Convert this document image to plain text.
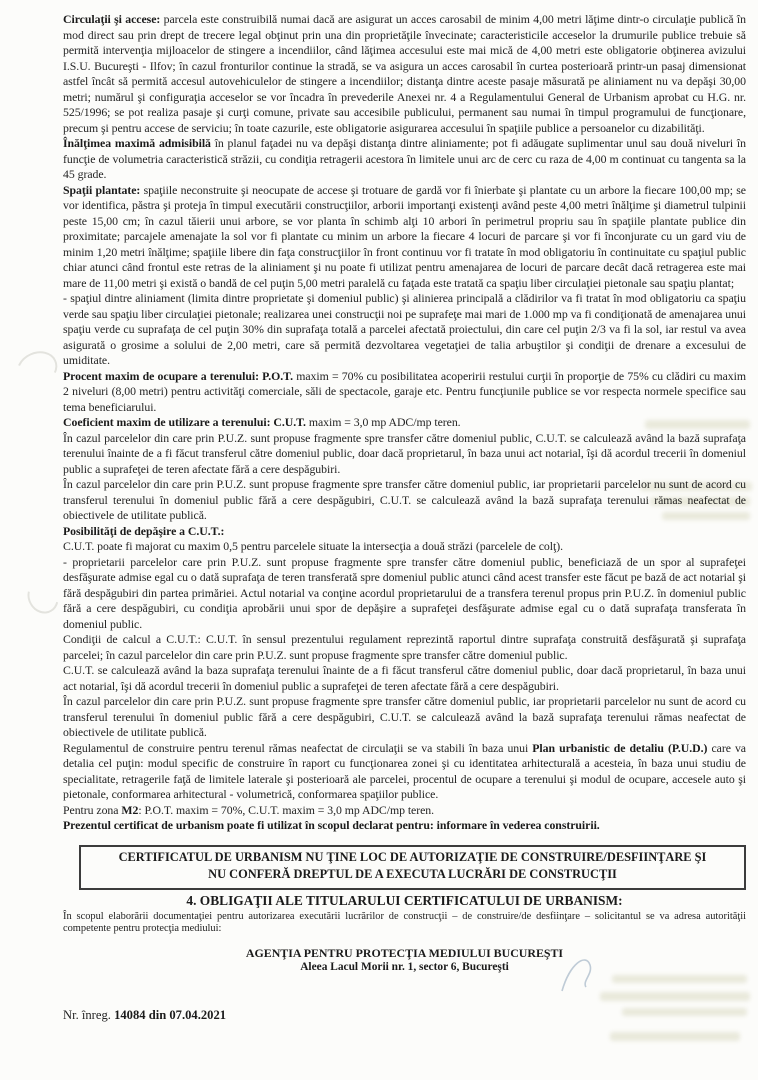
Circulaţii şi accese: parcela este construibilă numai dacă are asigurat un acces carosabil de minim 4,00 metri lăţime dintr-o circulaţie publică în mod direct sau prin drept de trecere legal obţinut prin una din proprietăţile învecinate; caracteristicile acceselor la drumurile publice trebuie să permită intervenţia mijloacelor de stingere a incendiilor, când lăţimea accesului este mai mică de 4,00 metri este obligatorie obţinerea avizului I.S.U. Bucureşti - Ilfov; în cazul fronturilor continue la stradă, se va asigura un acces carosabil în curtea posterioară printr-un pasaj dimensionat astfel încât să permită accesul autovehiculelor de stingere a incendiilor; distanţa dintre aceste pasaje măsurată pe aliniament nu va depăşi 30,00 metri; numărul şi configuraţia acceselor se vor încadra în prevederile Anexei nr. 4 a Regulamentului General de Urbanism aprobat cu H.G. nr. 525/1996; se pot realiza pasaje şi curţi comune, private sau accesibile publicului, permanent sau numai în timpul programului de funcţionare, precum şi pentru accese de serviciu; în toate cazurile, este obligatorie asigurarea accesului în spaţiile publice a persoanelor cu dizabilităţi.

Înălţimea maximă admisibilă în planul faţadei nu va depăşi distanţa dintre aliniamente; pot fi adăugate suplimentar unul sau două niveluri în funcţie de volumetria caracteristică străzii, cu condiţia retragerii acestora în limitele unui arc de cerc cu raza de 4,00 m continuat cu tangenta sa la 45 grade.

Spaţii plantate: spaţiile neconstruite şi neocupate de accese şi trotuare de gardă vor fi înierbate şi plantate cu un arbore la fiecare 100,00 mp; se vor identifica, păstra şi proteja în timpul executării construcţiilor, arborii importanţi existenţi având peste 4,00 metri înălţime şi diametrul tulpinii peste 15,00 cm; în cazul tăierii unui arbore, se vor planta în schimb alţi 10 arbori în perimetrul propriu sau în spaţiile plantate publice din proximitate; parcajele amenajate la sol vor fi plantate cu minim un arbore la fiecare 4 locuri de parcare şi vor fi înconjurate cu un gard viu de minim 1,20 metri înălţime; spaţiile libere din faţa construcţiilor în front continuu vor fi tratate în mod obligatoriu în continuitate cu spaţiul public chiar atunci când frontul este retras de la aliniament şi nu poate fi utilizat pentru amenajarea de locuri de parcare decât dacă retragerea este mai mare de 11,00 metri şi există o bandă de cel puţin 5,00 metri paralelă cu faţada este tratată ca spaţiu liber circulaţiei pietonale sau spaţiu plantat;

- spaţiul dintre aliniament (limita dintre proprietate şi domeniul public) şi alinierea principală a clădirilor va fi tratat în mod obligatoriu ca spaţiu verde sau spaţiu liber circulaţiei pietonale; realizarea unei construcţii noi pe suprafeţe mai mari de 1.000 mp va fi condiţionată de amenajarea unui spaţiu verde cu suprafaţa de cel puţin 30% din suprafaţa totală a parcelei afectată proiectului, din care cel puţin 2/3 va fi la sol, iar restul va avea asigurată o grosime a solului de 2,00 metri, care să permită dezvoltarea vegetaţiei de talia arbuştilor şi condiţii de drenare a excesului de umiditate.

Procent maxim de ocupare a terenului: P.O.T. maxim = 70% cu posibilitatea acoperirii restului curţii în proporţie de 75% cu clădiri cu maxim 2 niveluri (8,00 metri) pentru activităţi comerciale, săli de spectacole, garaje etc. Pentru funcţiunile publice se vor respecta normele specifice sau tema beneficiarului.

Coeficient maxim de utilizare a terenului: C.U.T. maxim = 3,0 mp ADC/mp teren.

În cazul parcelelor din care prin P.U.Z. sunt propuse fragmente spre transfer către domeniul public, C.U.T. se calculează având la bază suprafaţa terenului înainte de a fi făcut transferul către domeniul public, doar dacă proprietarul, în baza unui act notarial, îşi dă acordul trecerii în domeniul public a suprafeţei de teren afectate fără a cere despăgubiri.

În cazul parcelelor din care prin P.U.Z. sunt propuse fragmente spre transfer către domeniul public, iar proprietarii parcelelor nu sunt de acord cu transferul terenului în domeniul public fără a cere despăgubiri, C.U.T. se calculează având la bază suprafaţa terenului rămas neafectat de obiectivele de utilitate publică.

Posibilităţi de depăşire a C.U.T.:

C.U.T. poate fi majorat cu maxim 0,5 pentru parcelele situate la intersecţia a două străzi (parcelele de colţ).

- proprietarii parcelelor care prin P.U.Z. sunt propuse fragmente spre transfer către domeniul public, beneficiază de un spor al suprafeţei desfăşurate admise egal cu o dată suprafaţa de teren transferată spre domeniul public atunci când acest transfer este făcut pe bază de act notarial şi fără despăgubiri din partea primăriei. Actul notarial va conţine acordul proprietarului de a transfera terenul propus prin P.U.Z. în domeniul public fără a cere despăgubiri, cu condiţia aprobării unui spor de depăşire a suprafeţei desfăşurate admise egal cu o dată suprafaţa transferata în domeniul public.

Condiţii de calcul a C.U.T.: C.U.T. în sensul prezentului regulament reprezintă raportul dintre suprafaţa construită desfăşurată şi suprafaţa parcelei; în cazul parcelelor din care prin P.U.Z. sunt propuse fragmente spre transfer către domeniul public.

C.U.T. se calculează având la baza suprafaţa terenului înainte de a fi făcut transferul către domeniul public, doar dacă proprietarul, în baza unui act notarial, îşi dă acordul trecerii în domeniul public a suprafeţei de teren afectate fără a cere despăgubiri.

În cazul parcelelor din care prin P.U.Z. sunt propuse fragmente spre transfer către domeniul public, iar proprietarii parcelelor nu sunt de acord cu transferul terenului în domeniul public fără a cere despăgubiri, C.U.T. se calculează având la bază suprafaţa terenului rămas neafectat de obiectivele de utilitate publică.

Regulamentul de construire pentru terenul rămas neafectat de circulaţii se va stabili în baza unui Plan urbanistic de detaliu (P.U.D.) care va detalia cel puţin: modul specific de construire în raport cu funcţionarea zonei şi cu identitatea arhitecturală a acesteia, în baza unui studiu de specialitate, retragerile faţă de limitele laterale şi posterioară ale parcelei, procentul de ocupare a terenului şi modul de ocupare, accesele auto şi pietonale, conformarea arhitectural - volumetrică, conformarea spaţiilor publice.

Pentru zona M2: P.O.T. maxim = 70%, C.U.T. maxim = 3,0 mp ADC/mp teren.

Prezentul certificat de urbanism poate fi utilizat în scopul declarat pentru: informare în vederea construirii.

CERTIFICATUL DE URBANISM NU ŢINE LOC DE AUTORIZAŢIE DE CONSTRUIRE/DESFIINŢARE ŞI
NU CONFERĂ DREPTUL DE A EXECUTA LUCRĂRI DE CONSTRUCŢII
4. OBLIGAŢII ALE TITULARULUI CERTIFICATULUI DE URBANISM:

În scopul elaborării documentaţiei pentru autorizarea executării lucrărilor de construcţii – de construire/de desfiinţare – solicitantul se va adresa autorităţii competente pentru protecţia mediului:

AGENŢIA PENTRU PROTECŢIA MEDIULUI BUCUREŞTI
Aleea Lacul Morii nr. 1, sector 6, Bucureşti
Nr. înreg. 14084 din 07.04.2021
